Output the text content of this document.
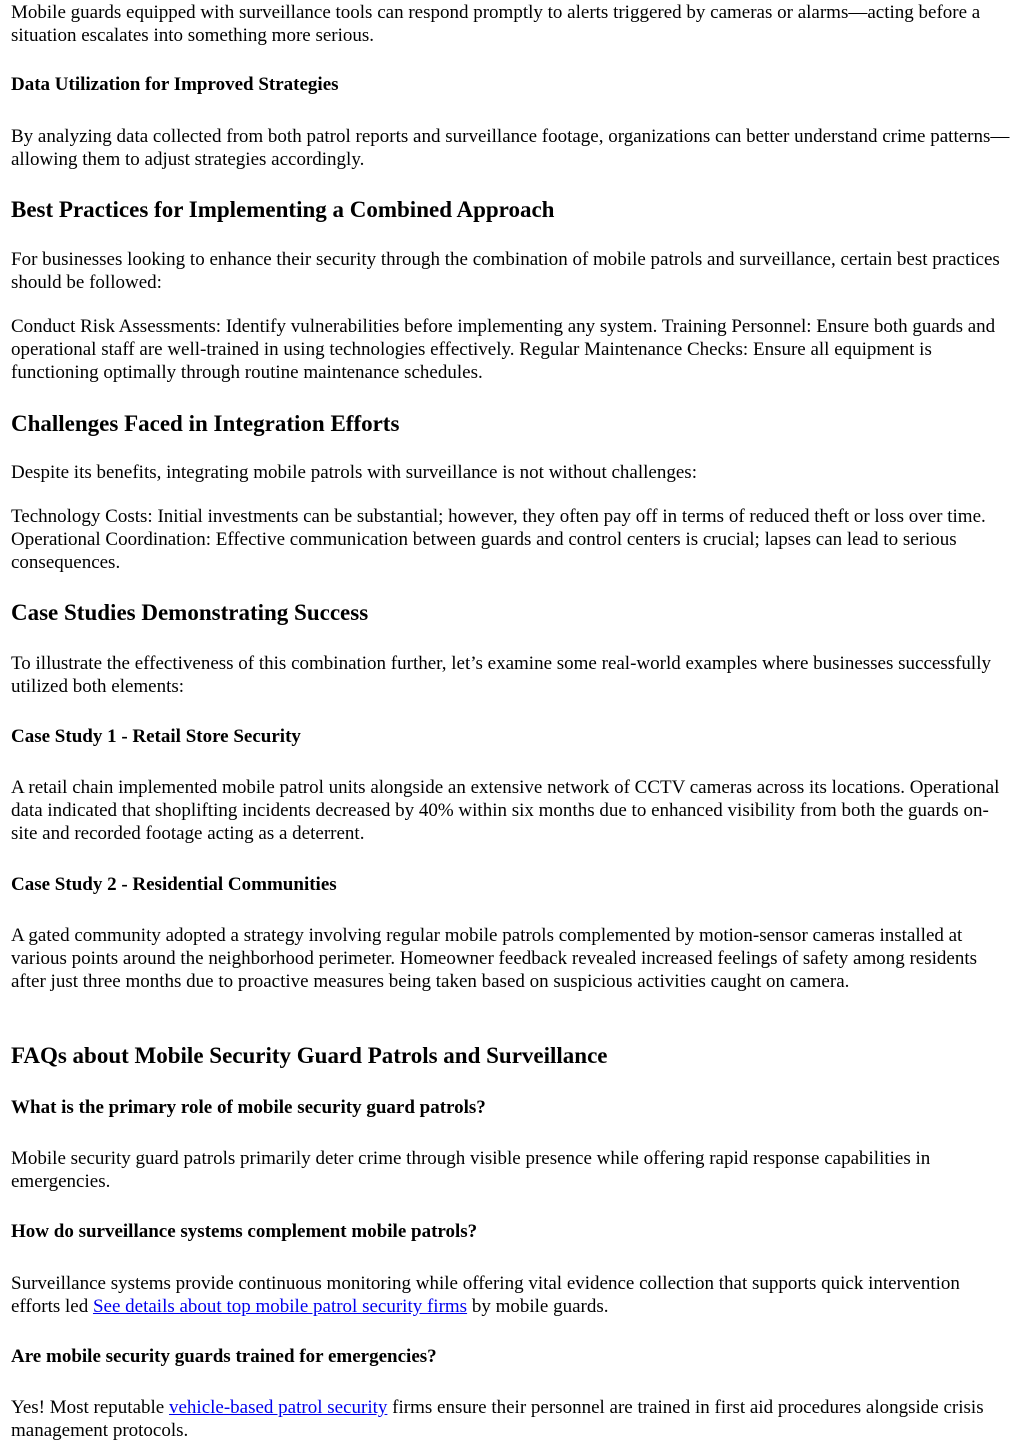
Mobile guards equipped with surveillance tools can respond promptly to alerts triggered by cameras or alarms—acting before a situation escalates into something more serious.

Data Utilization for Improved Strategies

By analyzing data collected from both patrol reports and surveillance footage, organizations can better understand crime patterns—allowing them to adjust strategies accordingly.

Best Practices for Implementing a Combined Approach

For businesses looking to enhance their security through the combination of mobile patrols and surveillance, certain best practices should be followed:

Conduct Risk Assessments: Identify vulnerabilities before implementing any system. Training Personnel: Ensure both guards and operational staff are well-trained in using technologies effectively. Regular Maintenance Checks: Ensure all equipment is functioning optimally through routine maintenance schedules.

Challenges Faced in Integration Efforts

Despite its benefits, integrating mobile patrols with surveillance is not without challenges:

Technology Costs: Initial investments can be substantial; however, they often pay off in terms of reduced theft or loss over time. Operational Coordination: Effective communication between guards and control centers is crucial; lapses can lead to serious consequences.

Case Studies Demonstrating Success

To illustrate the effectiveness of this combination further, let’s examine some real-world examples where businesses successfully utilized both elements:

Case Study 1 - Retail Store Security

A retail chain implemented mobile patrol units alongside an extensive network of CCTV cameras across its locations. Operational data indicated that shoplifting incidents decreased by 40% within six months due to enhanced visibility from both the guards on-site and recorded footage acting as a deterrent.

Case Study 2 - Residential Communities

A gated community adopted a strategy involving regular mobile patrols complemented by motion-sensor cameras installed at various points around the neighborhood perimeter. Homeowner feedback revealed increased feelings of safety among residents after just three months due to proactive measures being taken based on suspicious activities caught on camera.

FAQs about Mobile Security Guard Patrols and Surveillance
What is the primary role of mobile security guard patrols?

Mobile security guard patrols primarily deter crime through visible presence while offering rapid response capabilities in emergencies.

How do surveillance systems complement mobile patrols?

Surveillance systems provide continuous monitoring while offering vital evidence collection that supports quick intervention efforts led See details about top mobile patrol security firms by mobile guards.

Are mobile security guards trained for emergencies?

Yes! Most reputable vehicle-based patrol security firms ensure their personnel are trained in first aid procedures alongside crisis management protocols.
